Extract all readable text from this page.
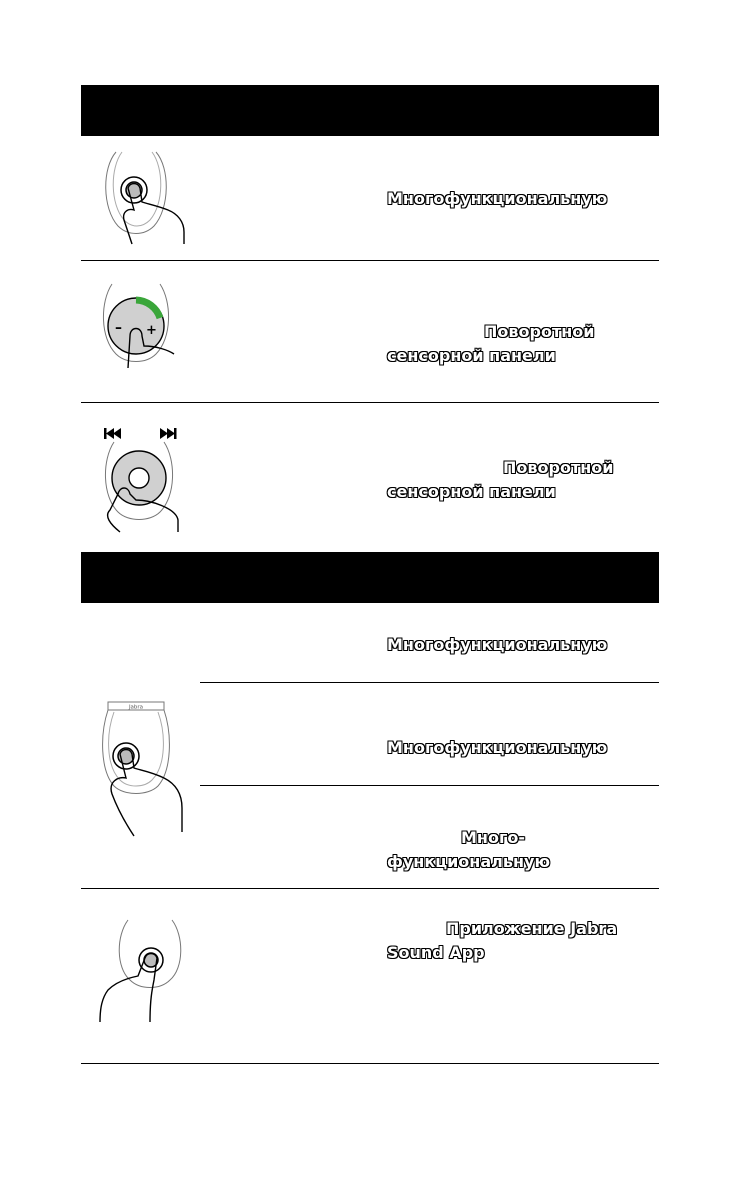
Многофункциональную
– +	Поворотной
сенсорной панели
Поворотной
сенсорной панели
Многофункциональную
Jabra
Многофункциональную
Много-
функциональную
Приложение Jabra
Sound App
